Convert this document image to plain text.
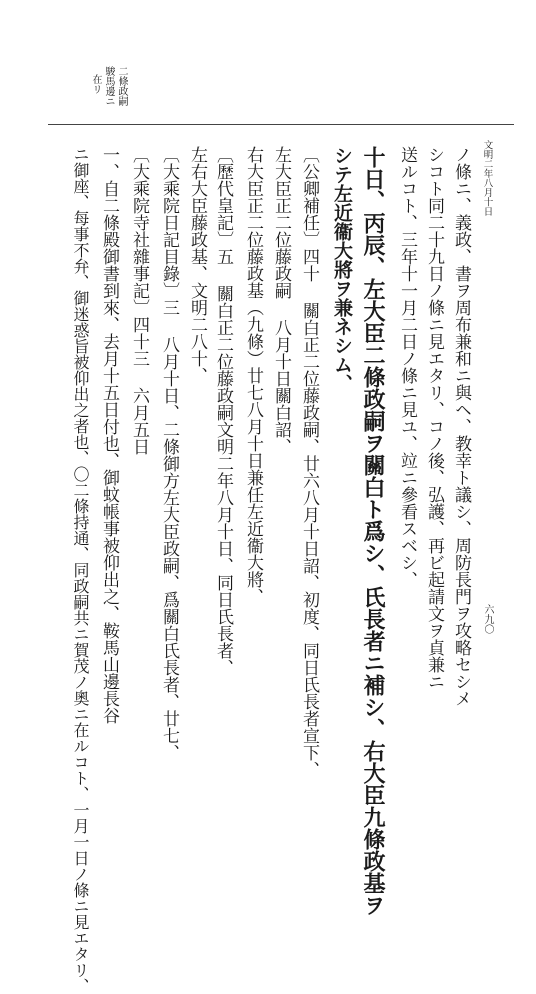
二條政嗣
駿馬邊ニ
在リ
文明二年八月十日
六九〇
ノ條ニ、義政、書ヲ周布兼和ニ與ヘ、教幸ト議シ、周防長門ヲ攻略セシメ
シコト同二十九日ノ條ニ見エタリ、コノ後、弘護、再ビ起請文ヲ貞兼ニ
送ルコト、三年十一月二日ノ條ニ見ユ、竝ニ參看スベシ、
十日、丙辰、左大臣二條政嗣ヲ關白ト爲シ、氏長者ニ補シ、右大臣九條政基ヲ
シテ左近衞大將ヲ兼ネシム、
〔公卿補任〕四十 關白正二位藤政嗣、廿六八月十日詔、初度、同日氏長者宣下、
左大臣正二位藤政嗣 八月十日關白詔、
右大臣正二位藤政基（九條）廿七八月十日兼任左近衞大將、
〔歷代皇記〕五 關白正二位藤政嗣文明二年八月十日、同日氏長者、
左右大臣藤政基、文明二八十、
〔大乘院日記目錄〕三 八月十日、二條御方左大臣政嗣、爲關白氏長者、廿七、
〔大乘院寺社雜事記〕四十三 六月五日
一、自二條殿御書到來、去月十五日付也、御蚊帳事被仰出之、鞍馬山邊長谷
ニ御座、每事不弁、御迷惑旨被仰出之者也、〇二條持通、同政嗣共ニ賀茂ノ奧ニ在ルコト、一月一日ノ條ニ見エタリ、
